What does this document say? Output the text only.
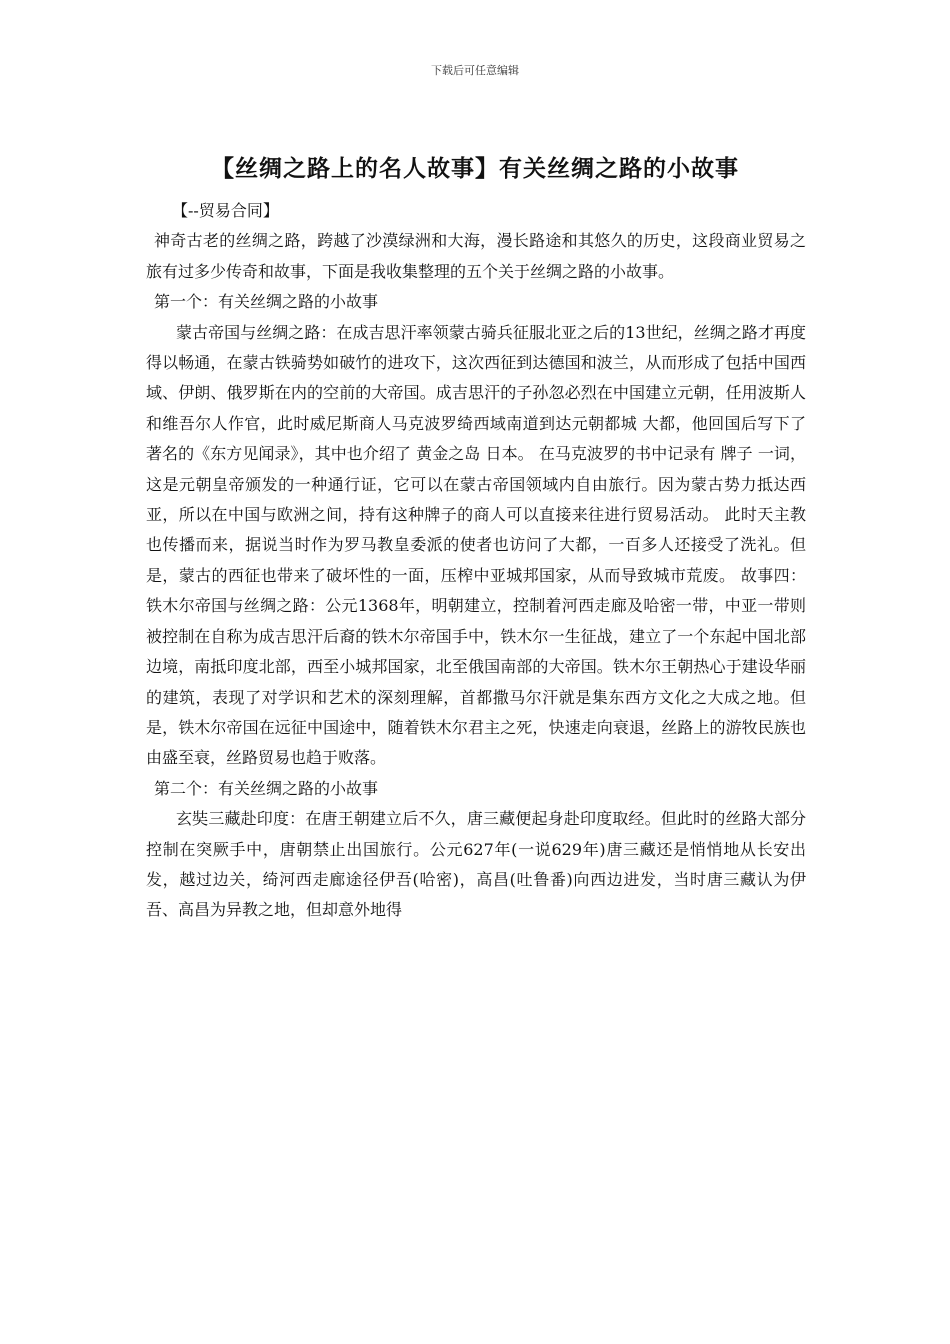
下载后可任意编辑
【丝绸之路上的名人故事】有关丝绸之路的小故事

【--贸易合同】

神奇古老的丝绸之路，跨越了沙漠绿洲和大海，漫长路途和其悠久的历史，这段商业贸易之旅有过多少传奇和故事，下面是我收集整理的五个关于丝绸之路的小故事。

第一个：有关丝绸之路的小故事

蒙古帝国与丝绸之路：在成吉思汗率领蒙古骑兵征服北亚之后的13世纪，丝绸之路才再度得以畅通，在蒙古铁骑势如破竹的进攻下，这次西征到达德国和波兰，从而形成了包括中国西域、伊朗、俄罗斯在内的空前的大帝国。成吉思汗的子孙忽必烈在中国建立元朝，任用波斯人和维吾尔人作官，此时威尼斯商人马克波罗绮西域南道到达元朝都城 大都，他回国后写下了著名的《东方见闻录》，其中也介绍了 黄金之岛 日本。 在马克波罗的书中记录有 牌子 一词，这是元朝皇帝颁发的一种通行证，它可以在蒙古帝国领域内自由旅行。因为蒙古势力抵达西亚，所以在中国与欧洲之间，持有这种牌子的商人可以直接来往进行贸易活动。 此时天主教也传播而来，据说当时作为罗马教皇委派的使者也访问了大都，一百多人还接受了洗礼。但是，蒙古的西征也带来了破坏性的一面，压榨中亚城邦国家，从而导致城市荒废。 故事四：铁木尔帝国与丝绸之路：公元1368年，明朝建立，控制着河西走廊及哈密一带，中亚一带则被控制在自称为成吉思汗后裔的铁木尔帝国手中，铁木尔一生征战，建立了一个东起中国北部边境，南抵印度北部，西至小城邦国家，北至俄国南部的大帝国。铁木尔王朝热心于建设华丽的建筑，表现了对学识和艺术的深刻理解，首都撒马尔汗就是集东西方文化之大成之地。但是，铁木尔帝国在远征中国途中，随着铁木尔君主之死，快速走向衰退，丝路上的游牧民族也由盛至衰，丝路贸易也趋于败落。

第二个：有关丝绸之路的小故事

玄奘三藏赴印度：在唐王朝建立后不久，唐三藏便起身赴印度取经。但此时的丝路大部分控制在突厥手中，唐朝禁止出国旅行。公元627年(一说629年)唐三藏还是悄悄地从长安出发，越过边关，绮河西走廊途径伊吾(哈密)，高昌(吐鲁番)向西边进发，当时唐三藏认为伊吾、高昌为异教之地，但却意外地得
